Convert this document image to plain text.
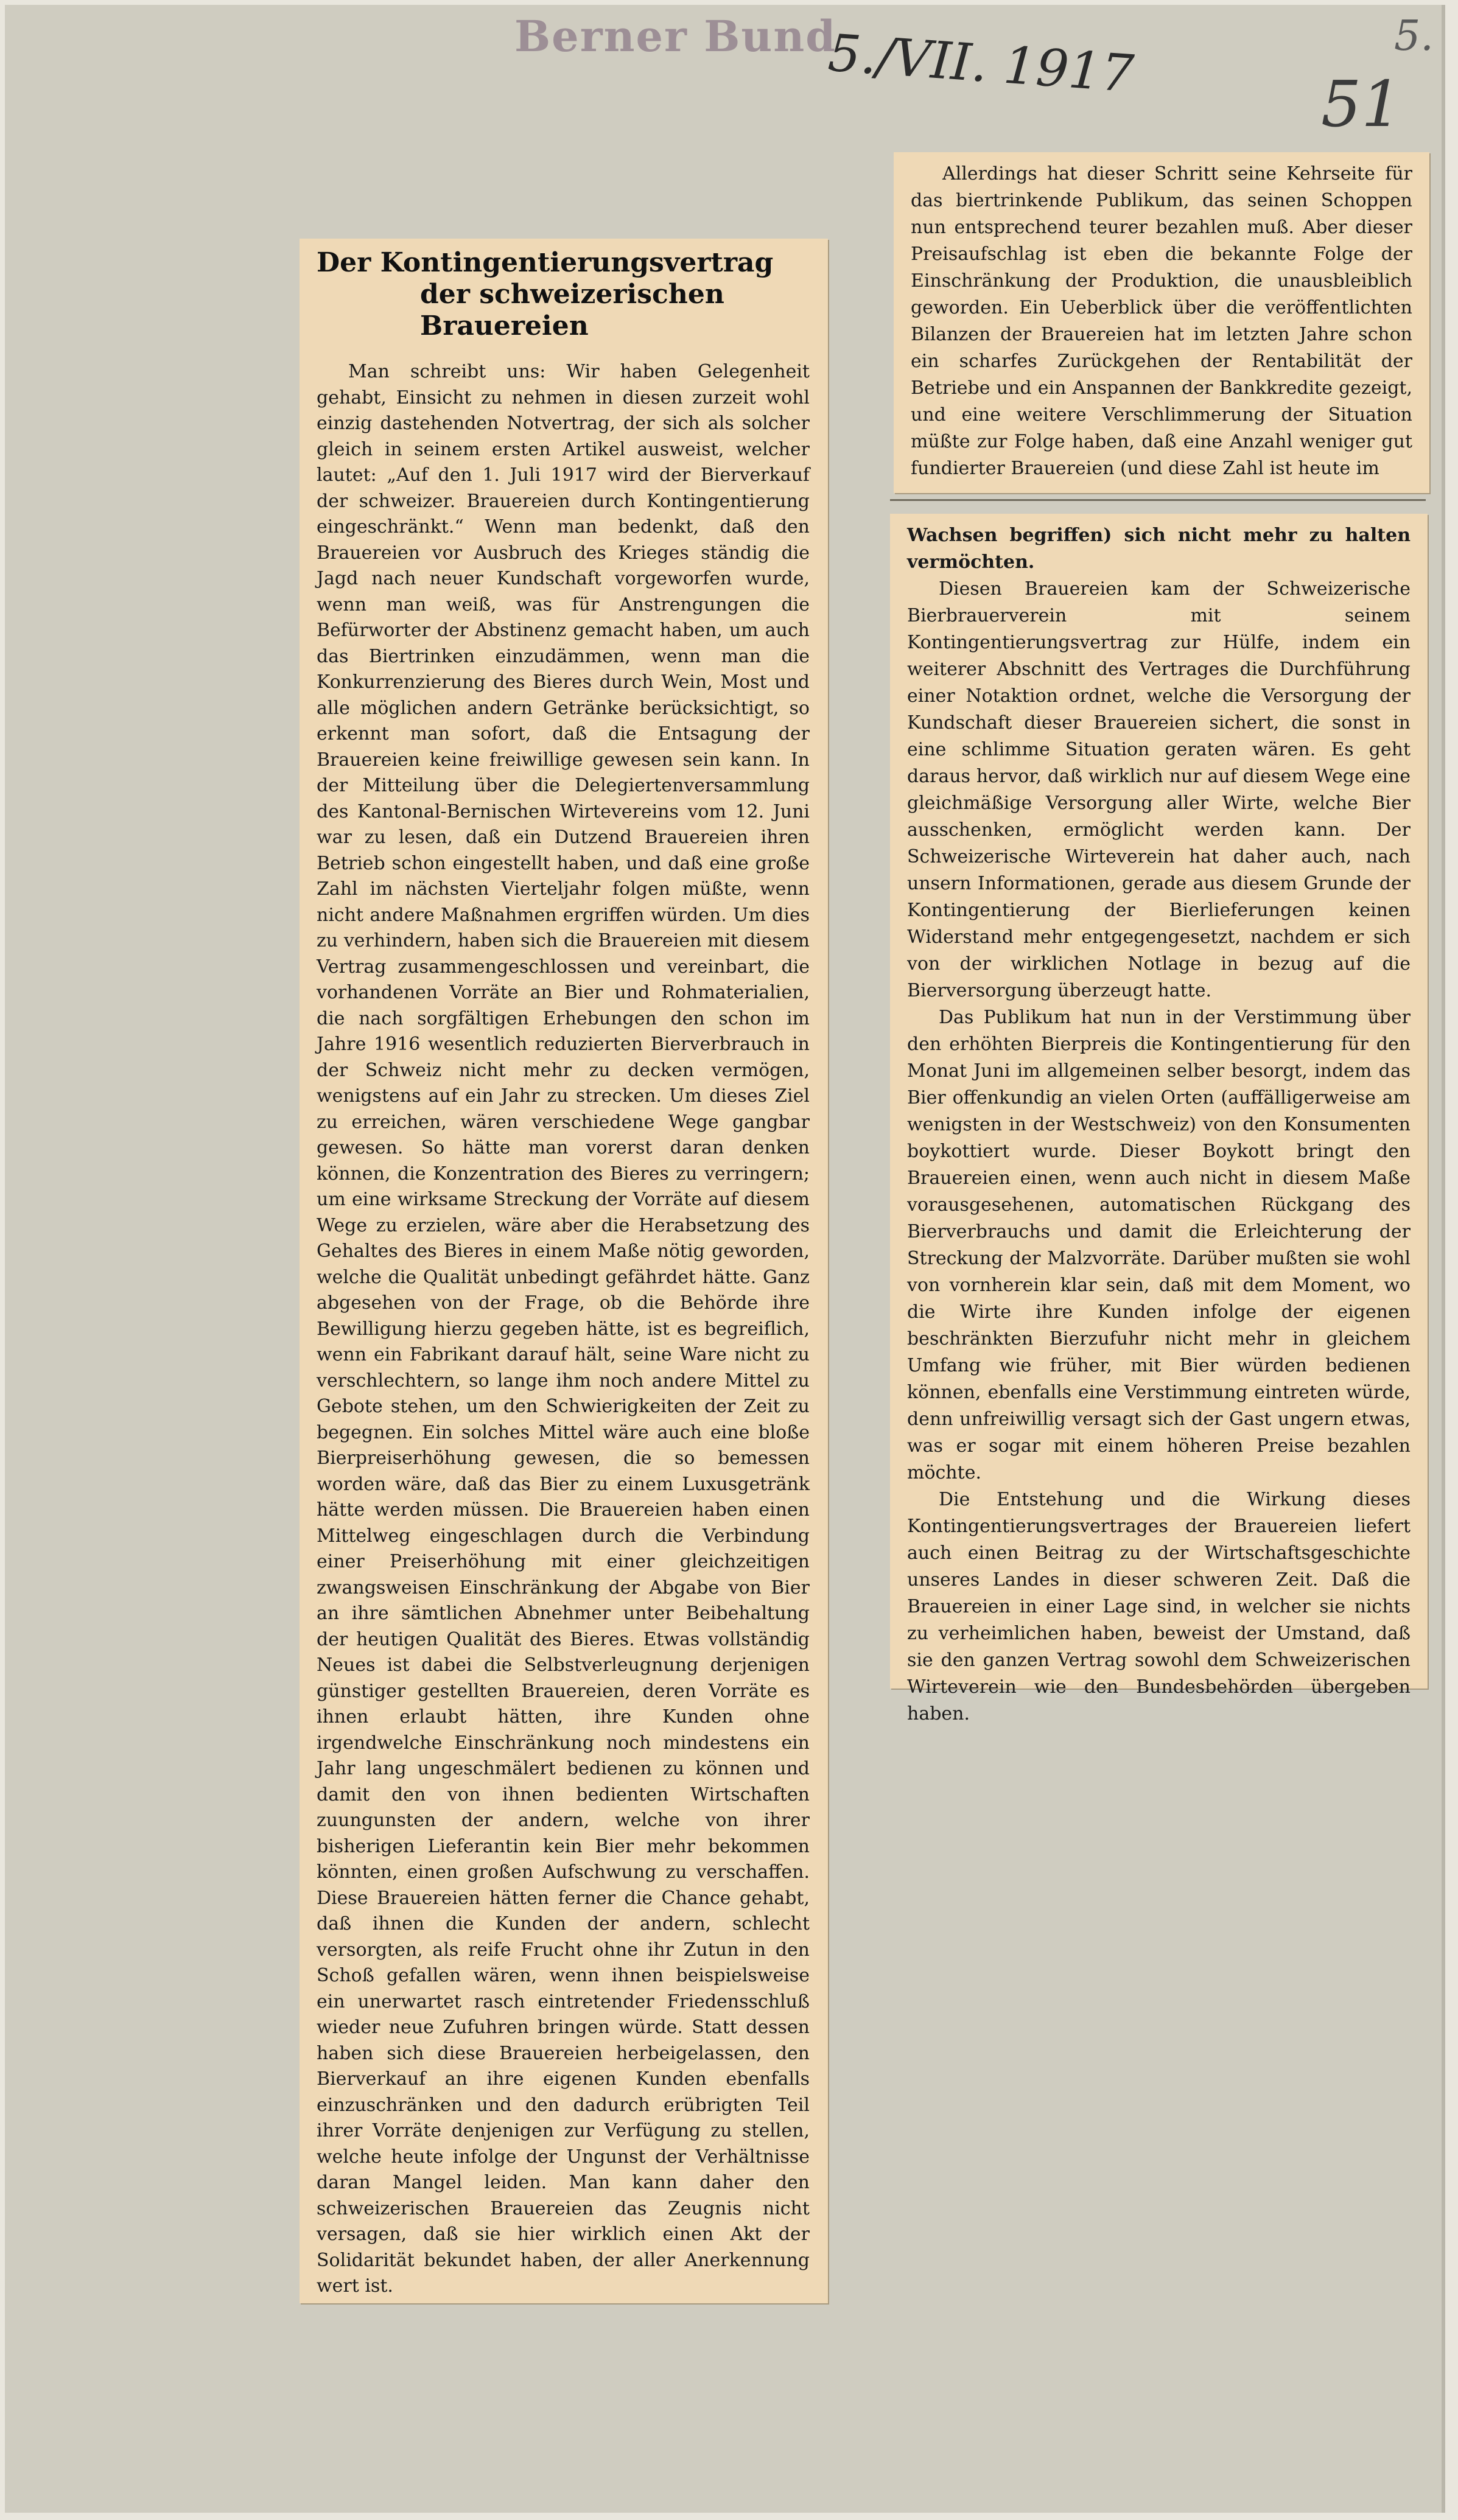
Berner Bund
5./VII. 1917
51
5.
Der Kontingentierungsvertrag
der schweizerischen Brauereien

Man schreibt uns: Wir haben Gelegenheit gehabt, Einsicht zu nehmen in diesen zurzeit wohl einzig dastehenden Notvertrag, der sich als solcher gleich in seinem ersten Artikel ausweist, welcher lautet: „Auf den 1. Juli 1917 wird der Bierverkauf der schweizer. Brauereien durch Kontingentierung eingeschränkt.“ Wenn man bedenkt, daß den Brauereien vor Ausbruch des Krieges ständig die Jagd nach neuer Kundschaft vorgeworfen wurde, wenn man weiß, was für Anstrengungen die Befürworter der Abstinenz gemacht haben, um auch das Biertrinken einzudämmen, wenn man die Konkurrenzierung des Bieres durch Wein, Most und alle möglichen andern Getränke berücksichtigt, so erkennt man sofort, daß die Entsagung der Brauereien keine freiwillige gewesen sein kann. In der Mitteilung über die Delegiertenversammlung des Kantonal-Bernischen Wirtevereins vom 12. Juni war zu lesen, daß ein Dutzend Brauereien ihren Betrieb schon eingestellt haben, und daß eine große Zahl im nächsten Vierteljahr folgen müßte, wenn nicht andere Maßnahmen ergriffen würden. Um dies zu verhindern, haben sich die Brauereien mit diesem Vertrag zusammengeschlossen und vereinbart, die vorhandenen Vorräte an Bier und Rohmaterialien, die nach sorgfältigen Erhebungen den schon im Jahre 1916 wesentlich reduzierten Bierverbrauch in der Schweiz nicht mehr zu decken vermögen, wenigstens auf ein Jahr zu strecken. Um dieses Ziel zu erreichen, wären verschiedene Wege gangbar gewesen. So hätte man vorerst daran denken können, die Konzentration des Bieres zu verringern; um eine wirksame Streckung der Vorräte auf diesem Wege zu erzielen, wäre aber die Herabsetzung des Gehaltes des Bieres in einem Maße nötig geworden, welche die Qualität unbedingt gefährdet hätte. Ganz abgesehen von der Frage, ob die Behörde ihre Bewilligung hierzu gegeben hätte, ist es begreiflich, wenn ein Fabrikant darauf hält, seine Ware nicht zu verschlechtern, so lange ihm noch andere Mittel zu Gebote stehen, um den Schwierigkeiten der Zeit zu begegnen. Ein solches Mittel wäre auch eine bloße Bierpreiserhöhung gewesen, die so bemessen worden wäre, daß das Bier zu einem Luxusgetränk hätte werden müssen. Die Brauereien haben einen Mittelweg eingeschlagen durch die Verbindung einer Preiserhöhung mit einer gleichzeitigen zwangsweisen Einschränkung der Abgabe von Bier an ihre sämtlichen Abnehmer unter Beibehaltung der heutigen Qualität des Bieres. Etwas vollständig Neues ist dabei die Selbstverleugnung derjenigen günstiger gestellten Brauereien, deren Vorräte es ihnen erlaubt hätten, ihre Kunden ohne irgendwelche Einschränkung noch mindestens ein Jahr lang ungeschmälert bedienen zu können und damit den von ihnen bedienten Wirtschaften zuungunsten der andern, welche von ihrer bisherigen Lieferantin kein Bier mehr bekommen könnten, einen großen Aufschwung zu verschaffen. Diese Brauereien hätten ferner die Chance gehabt, daß ihnen die Kunden der andern, schlecht versorgten, als reife Frucht ohne ihr Zutun in den Schoß gefallen wären, wenn ihnen beispielsweise ein unerwartet rasch eintretender Friedensschluß wieder neue Zufuhren bringen würde. Statt dessen haben sich diese Brauereien herbeigelassen, den Bierverkauf an ihre eigenen Kunden ebenfalls einzuschränken und den dadurch erübrigten Teil ihrer Vorräte denjenigen zur Verfügung zu stellen, welche heute infolge der Ungunst der Verhältnisse daran Mangel leiden. Man kann daher den schweizerischen Brauereien das Zeugnis nicht versagen, daß sie hier wirklich einen Akt der Solidarität bekundet haben, der aller Anerkennung wert ist.

Allerdings hat dieser Schritt seine Kehrseite für das biertrinkende Publikum, das seinen Schoppen nun entsprechend teurer bezahlen muß. Aber dieser Preisaufschlag ist eben die bekannte Folge der Einschränkung der Produktion, die unausbleiblich geworden. Ein Ueberblick über die veröffentlichten Bilanzen der Brauereien hat im letzten Jahre schon ein scharfes Zurückgehen der Rentabilität der Betriebe und ein Anspannen der Bankkredite gezeigt, und eine weitere Verschlimmerung der Situation müßte zur Folge haben, daß eine Anzahl weniger gut fundierter Brauereien (und diese Zahl ist heute im

Wachsen begriffen) sich nicht mehr zu halten vermöchten.

Diesen Brauereien kam der Schweizerische Bierbrauerverein mit seinem Kontingentierungsvertrag zur Hülfe, indem ein weiterer Abschnitt des Vertrages die Durchführung einer Notaktion ordnet, welche die Versorgung der Kundschaft dieser Brauereien sichert, die sonst in eine schlimme Situation geraten wären. Es geht daraus hervor, daß wirklich nur auf diesem Wege eine gleichmäßige Versorgung aller Wirte, welche Bier ausschenken, ermöglicht werden kann. Der Schweizerische Wirteverein hat daher auch, nach unsern Informationen, gerade aus diesem Grunde der Kontingentierung der Bierlieferungen keinen Widerstand mehr entgegengesetzt, nachdem er sich von der wirklichen Notlage in bezug auf die Bierversorgung überzeugt hatte.

Das Publikum hat nun in der Verstimmung über den erhöhten Bierpreis die Kontingentierung für den Monat Juni im allgemeinen selber besorgt, indem das Bier offenkundig an vielen Orten (auffälligerweise am wenigsten in der Westschweiz) von den Konsumenten boykottiert wurde. Dieser Boykott bringt den Brauereien einen, wenn auch nicht in diesem Maße vorausgesehenen, automatischen Rückgang des Bierverbrauchs und damit die Erleichterung der Streckung der Malzvorräte. Darüber mußten sie wohl von vornherein klar sein, daß mit dem Moment, wo die Wirte ihre Kunden infolge der eigenen beschränkten Bierzufuhr nicht mehr in gleichem Umfang wie früher, mit Bier würden bedienen können, ebenfalls eine Verstimmung eintreten würde, denn unfreiwillig versagt sich der Gast ungern etwas, was er sogar mit einem höheren Preise bezahlen möchte.

Die Entstehung und die Wirkung dieses Kontingentierungsvertrages der Brauereien liefert auch einen Beitrag zu der Wirtschaftsgeschichte unseres Landes in dieser schweren Zeit. Daß die Brauereien in einer Lage sind, in welcher sie nichts zu verheimlichen haben, beweist der Umstand, daß sie den ganzen Vertrag sowohl dem Schweizerischen Wirteverein wie den Bundesbehörden übergeben haben.
